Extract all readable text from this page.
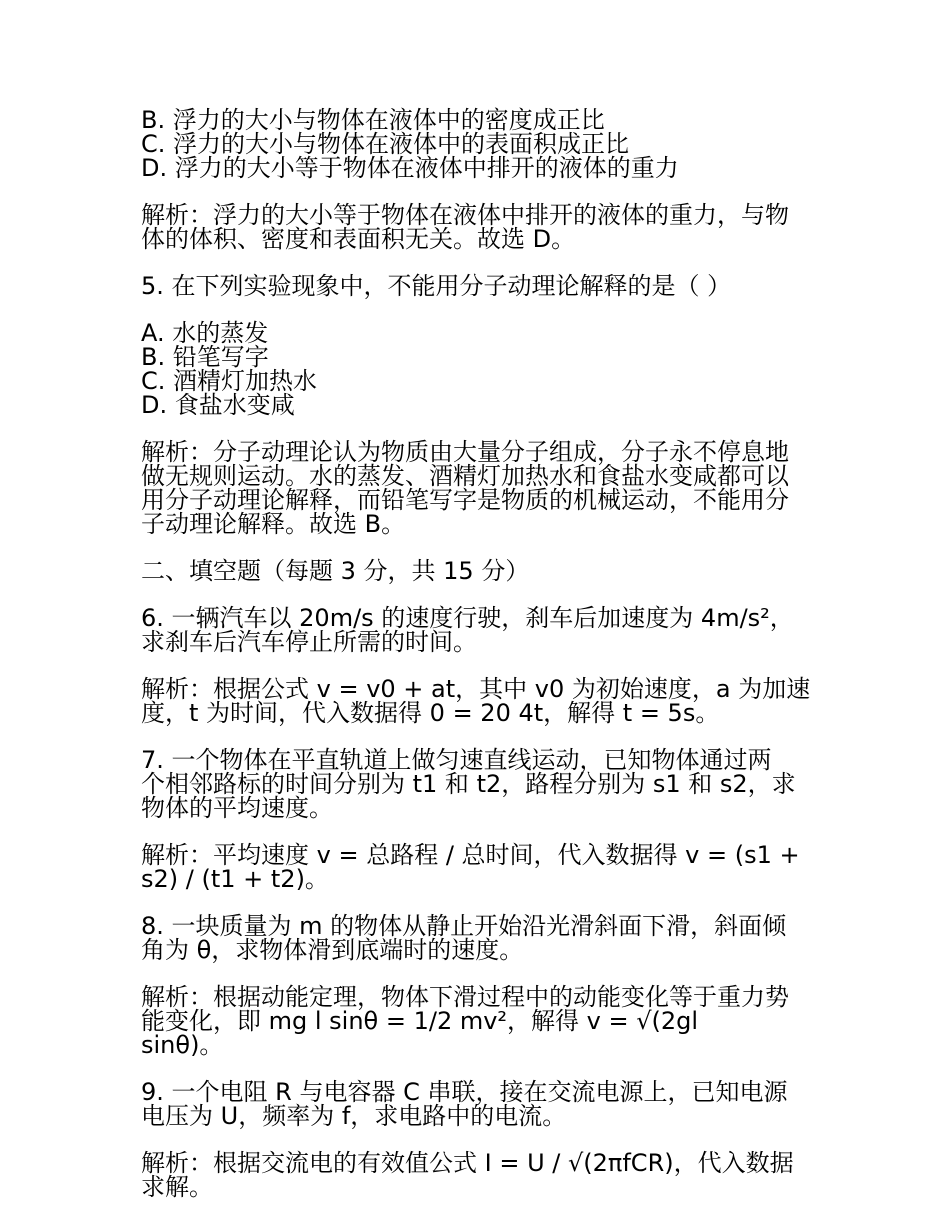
B. 浮力的大小与物体在液体中的密度成正比
C. 浮力的大小与物体在液体中的表面积成正比
D. 浮力的大小等于物体在液体中排开的液体的重力
解析：浮力的大小等于物体在液体中排开的液体的重力，与物
体的体积、密度和表面积无关。故选 D。
5. 在下列实验现象中，不能用分子动理论解释的是（ ）
A. 水的蒸发
B. 铅笔写字
C. 酒精灯加热水
D. 食盐水变咸
解析：分子动理论认为物质由大量分子组成，分子永不停息地
做无规则运动。水的蒸发、酒精灯加热水和食盐水变咸都可以
用分子动理论解释，而铅笔写字是物质的机械运动，不能用分
子动理论解释。故选 B。
二、填空题（每题 3 分，共 15 分）
6. 一辆汽车以 20m/s 的速度行驶，刹车后加速度为 4m/s²，
求刹车后汽车停止所需的时间。
解析：根据公式 v = v0 + at，其中 v0 为初始速度，a 为加速
度，t 为时间，代入数据得 0 = 20 4t，解得 t = 5s。
7. 一个物体在平直轨道上做匀速直线运动，已知物体通过两
个相邻路标的时间分别为 t1 和 t2，路程分别为 s1 和 s2，求
物体的平均速度。
解析：平均速度 v = 总路程 / 总时间，代入数据得 v = (s1 +
s2) / (t1 + t2)。
8. 一块质量为 m 的物体从静止开始沿光滑斜面下滑，斜面倾
角为 θ，求物体滑到底端时的速度。
解析：根据动能定理，物体下滑过程中的动能变化等于重力势
能变化，即 mg l sinθ = 1/2 mv²，解得 v = √(2gl
sinθ)。
9. 一个电阻 R 与电容器 C 串联，接在交流电源上，已知电源
电压为 U，频率为 f，求电路中的电流。
解析：根据交流电的有效值公式 I = U / √(2πfCR)，代入数据
求解。
